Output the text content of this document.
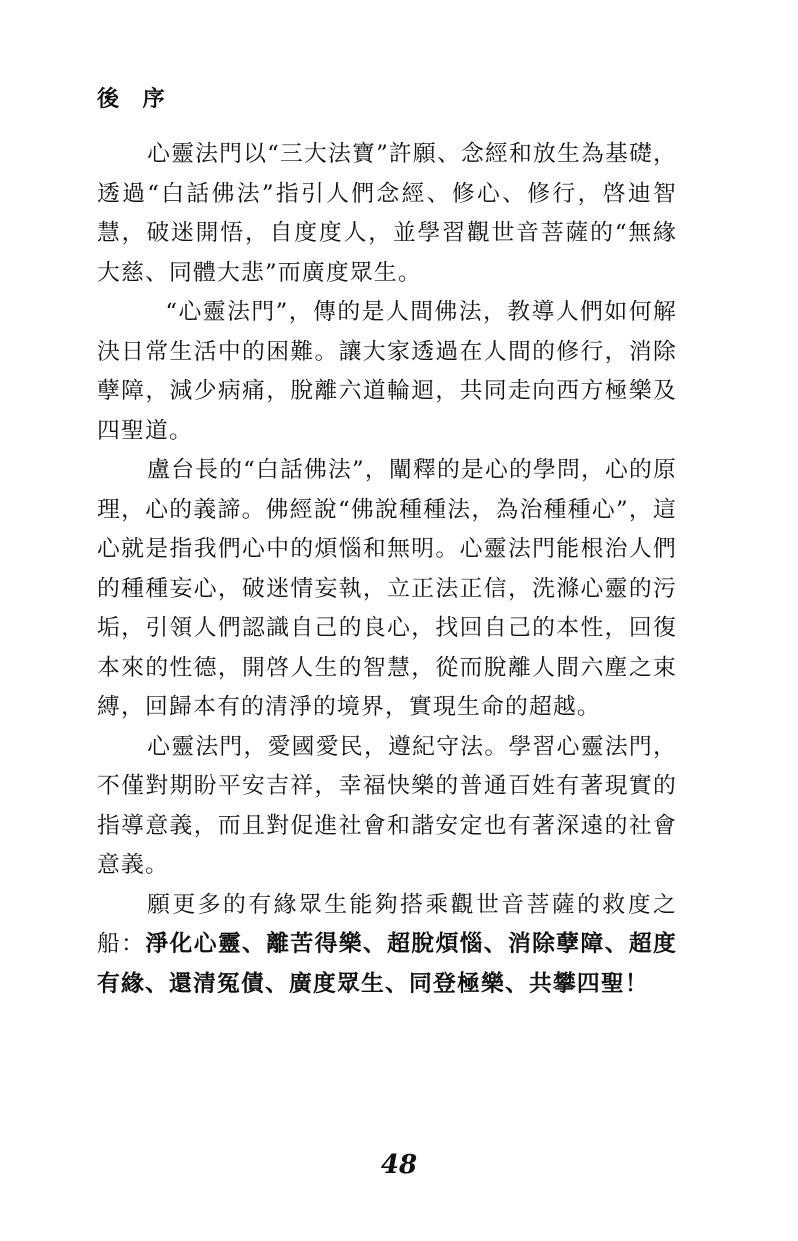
後 序

心靈法門以“三大法寶”許願、念經和放生為基礎，透過“白話佛法”指引人們念經、修心、修行，啓迪智慧，破迷開悟，自度度人，並學習觀世音菩薩的“無緣大慈、同體大悲”而廣度眾生。

“心靈法門”，傳的是人間佛法，教導人們如何解決日常生活中的困難。讓大家透過在人間的修行，消除孽障，減少病痛，脫離六道輪迴，共同走向西方極樂及四聖道。

盧台長的“白話佛法”，闡釋的是心的學問，心的原理，心的義諦。佛經說“佛說種種法，為治種種心”，這心就是指我們心中的煩惱和無明。心靈法門能根治人們的種種妄心，破迷情妄執，立正法正信，洗滌心靈的污垢，引領人們認識自己的良心，找回自己的本性，回復本來的性德，開啓人生的智慧，從而脫離人間六塵之束縛，回歸本有的清淨的境界，實現生命的超越。

心靈法門，愛國愛民，遵紀守法。學習心靈法門，不僅對期盼平安吉祥，幸福快樂的普通百姓有著現實的指導意義，而且對促進社會和諧安定也有著深遠的社會意義。

願更多的有緣眾生能夠搭乘觀世音菩薩的救度之船：淨化心靈、離苦得樂、超脫煩惱、消除孽障、超度有緣、還清冤債、廣度眾生、同登極樂、共攀四聖！

48
